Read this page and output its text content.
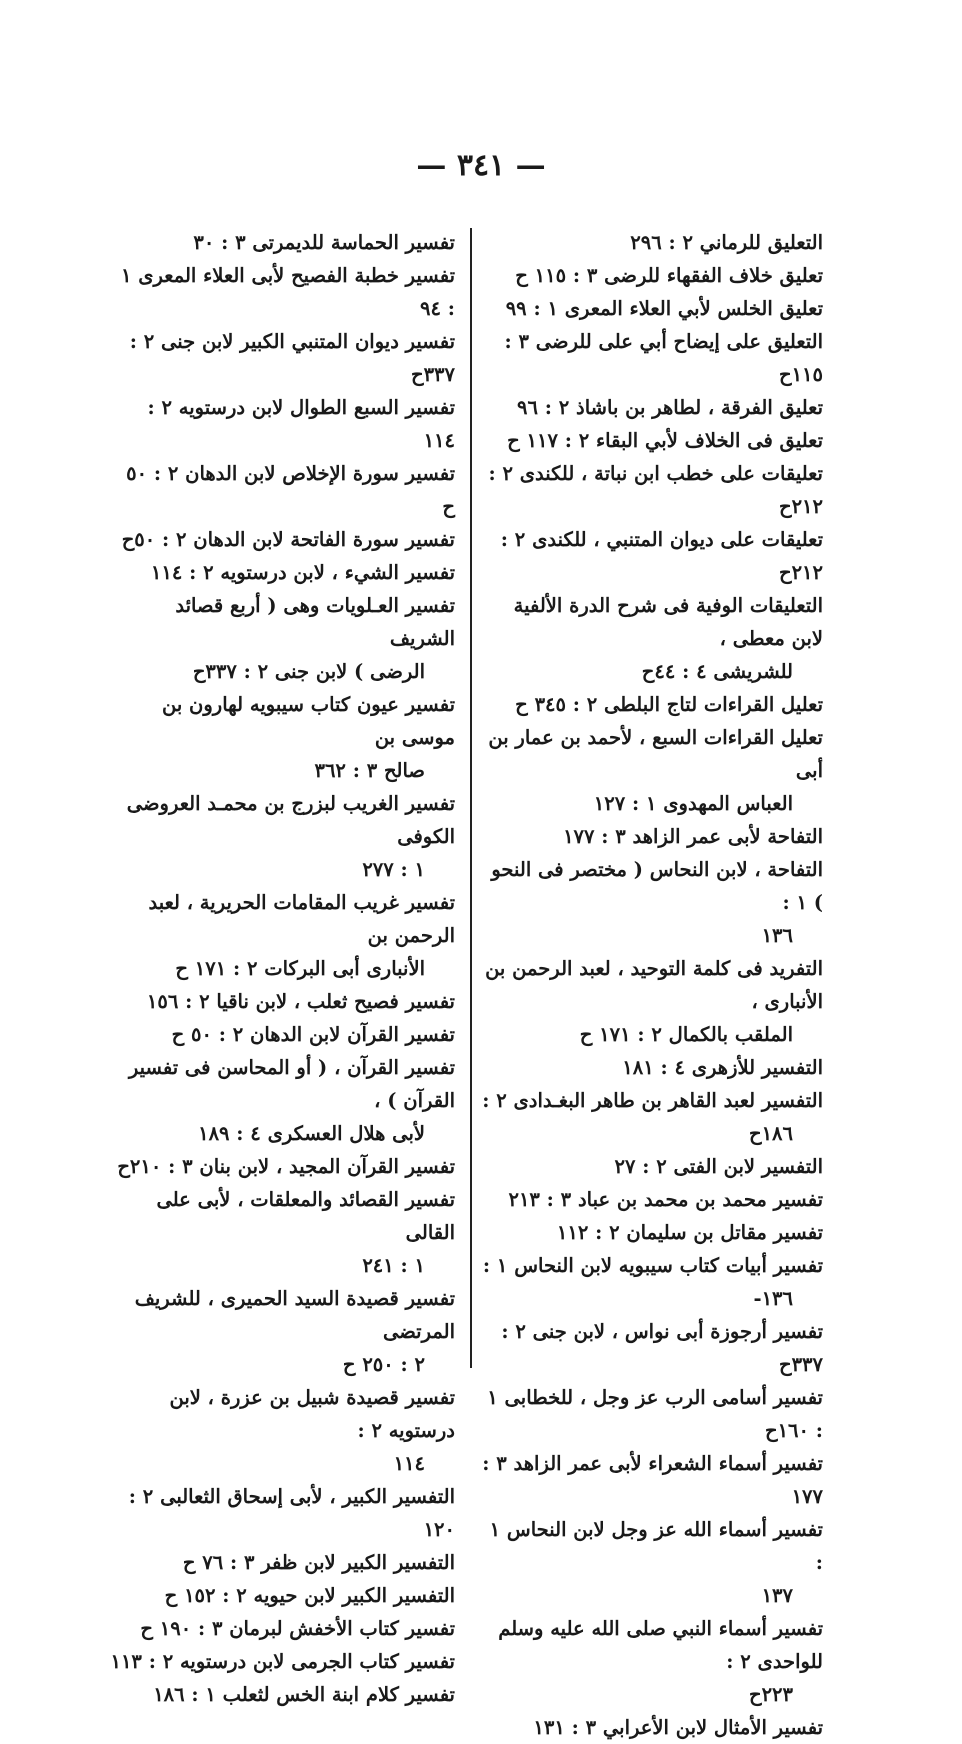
— ٣٤١ —
التعليق للرماني ٢ : ٢٩٦
تعليق خلاف الفقهاء للرضى ٣ : ١١٥ ح
تعليق الخلس لأبي العلاء المعرى ١ : ٩٩
التعليق على إيضاح أبي على للرضى ٣ : ١١٥ح
تعليق الفرقة ، لطاهر بن باشاذ ٢ : ٩٦
تعليق فى الخلاف لأبي البقاء ٢ : ١١٧ ح
تعليقات على خطب ابن نباتة ، للكندى ٢ : ٢١٢ح
تعليقات على ديوان المتنبي ، للكندى ٢ : ٢١٢ح
التعليقات الوفية فى شرح الدرة الألفية لابن معطى ،
للشريشى ٤ : ٤٤ح
تعليل القراءات لتاج البلطى ٢ : ٣٤٥ ح
تعليل القراءات السبع ، لأحمد بن عمار بن أبى
العباس المهدوى ١ : ١٢٧
التفاحة لأبى عمر الزاهد ٣ : ١٧٧
التفاحة ، لابن النحاس ( مختصر فى النحو ) ١ :
١٣٦
التفريد فى كلمة التوحيد ، لعبد الرحمن بن الأنبارى ،
الملقب بالكمال ٢ : ١٧١ ح
التفسير للأزهرى ٤ : ١٨١
التفسير لعبد القاهر بن طاهر البغـدادى ٢ :
١٨٦ح
التفسير لابن الفتى ٢ : ٢٧
تفسير محمد بن محمد بن عباد ٣ : ٢١٣
تفسير مقاتل بن سليمان ٢ : ١١٢
تفسير أبيات كتاب سيبويه لابن النحاس ١ :
١٣٦-
تفسير أرجوزة أبى نواس ، لابن جنى ٢ : ٣٣٧ح
تفسير أسامى الرب عز وجل ، للخطابى ١ : ١٦٠ح
تفسير أسماء الشعراء لأبى عمر الزاهد ٣ : ١٧٧
تفسير أسماء الله عز وجل لابن النحاس ١ :
١٣٧
تفسير أسماء النبي صلى الله عليه وسلم للواحدى ٢ :
٢٢٣ح
تفسير الأمثال لابن الأعرابي ٣ : ١٣١
تفسير الحماسة للديمرتى ٣ : ٣٠
تفسير خطبة الفصيح لأبى العلاء المعرى ١ : ٩٤
تفسير ديوان المتنبي الكبير لابن جنى ٢ : ٣٣٧ح
تفسير السبع الطوال لابن درستويه ٢ : ١١٤
تفسير سورة الإخلاص لابن الدهان ٢ : ٥٠ ح
تفسير سورة الفاتحة لابن الدهان ٢ : ٥٠ح
تفسير الشيء ، لابن درستويه ٢ : ١١٤
تفسير العـلويات وهى ( أربع قصائد الشريف
الرضى ) لابن جنى ٢ : ٣٣٧ح
تفسير عيون كتاب سيبويه لهارون بن موسى بن
صالح ٣ : ٣٦٢
تفسير الغريب لبزرج بن محمـد العروضى الكوفى
١ : ٢٧٧
تفسير غريب المقامات الحريرية ، لعبد الرحمن بن
الأنبارى أبى البركات ٢ : ١٧١ ح
تفسير فصيح ثعلب ، لابن ناقيا ٢ : ١٥٦
تفسير القرآن لابن الدهان ٢ : ٥٠ ح
تفسير القرآن ، ( أو المحاسن فى تفسير القرآن ) ،
لأبى هلال العسكرى ٤ : ١٨٩
تفسير القرآن المجيد ، لابن بنان ٣ : ٢١٠ح
تفسير القصائد والمعلقات ، لأبى على القالى
١ : ٢٤١
تفسير قصيدة السيد الحميرى ، للشريف المرتضى
٢ : ٢٥٠ ح
تفسير قصيدة شبيل بن عزرة ، لابن درستويه ٢ :
١١٤
التفسير الكبير ، لأبى إسحاق الثعالبى ٢ : ١٢٠
التفسير الكبير لابن ظفر ٣ : ٧٦ ح
التفسير الكبير لابن حيويه ٢ : ١٥٢ ح
تفسير كتاب الأخفش لبرمان ٣ : ١٩٠ ح
تفسير كتاب الجرمى لابن درستويه ٢ : ١١٣
تفسير كلام ابنة الخس لثعلب ١ : ١٨٦
